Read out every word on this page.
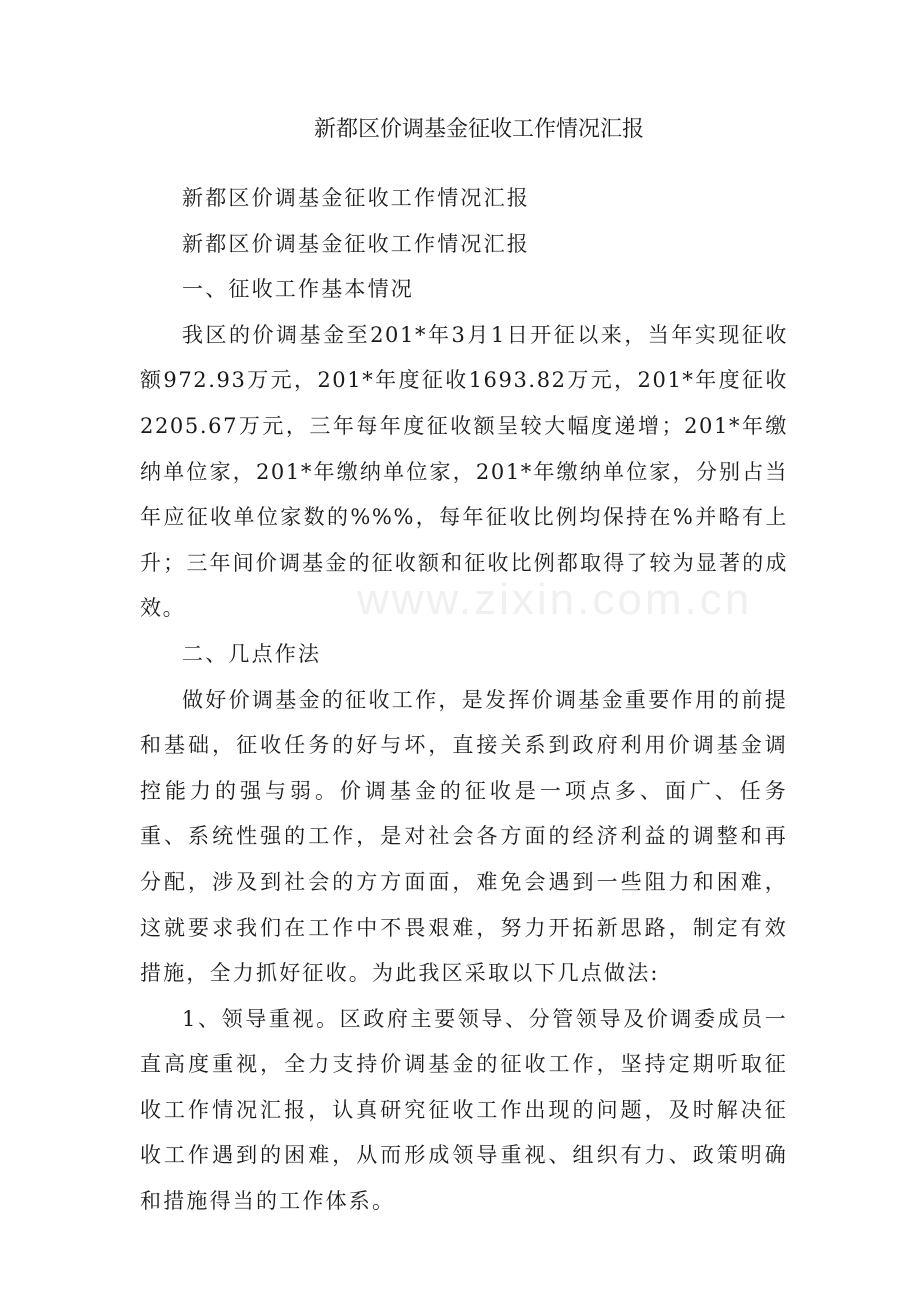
www.zixin.com.cn
新都区价调基金征收工作情况汇报

新都区价调基金征收工作情况汇报

新都区价调基金征收工作情况汇报

一、征收工作基本情况

我区的价调基金至201*年3月1日开征以来，当年实现征收额972.93万元，201*年度征收1693.82万元，201*年度征收2205.67万元，三年每年度征收额呈较大幅度递增；201*年缴纳单位家，201*年缴纳单位家，201*年缴纳单位家，分别占当年应征收单位家数的%%%，每年征收比例均保持在%并略有上升；三年间价调基金的征收额和征收比例都取得了较为显著的成效。

二、几点作法

做好价调基金的征收工作，是发挥价调基金重要作用的前提和基础，征收任务的好与坏，直接关系到政府利用价调基金调控能力的强与弱。价调基金的征收是一项点多、面广、任务重、系统性强的工作，是对社会各方面的经济利益的调整和再分配，涉及到社会的方方面面，难免会遇到一些阻力和困难，这就要求我们在工作中不畏艰难，努力开拓新思路，制定有效措施，全力抓好征收。为此我区采取以下几点做法:

1、领导重视。区政府主要领导、分管领导及价调委成员一直高度重视，全力支持价调基金的征收工作，坚持定期听取征收工作情况汇报，认真研究征收工作出现的问题，及时解决征收工作遇到的困难，从而形成领导重视、组织有力、政策明确和措施得当的工作体系。
